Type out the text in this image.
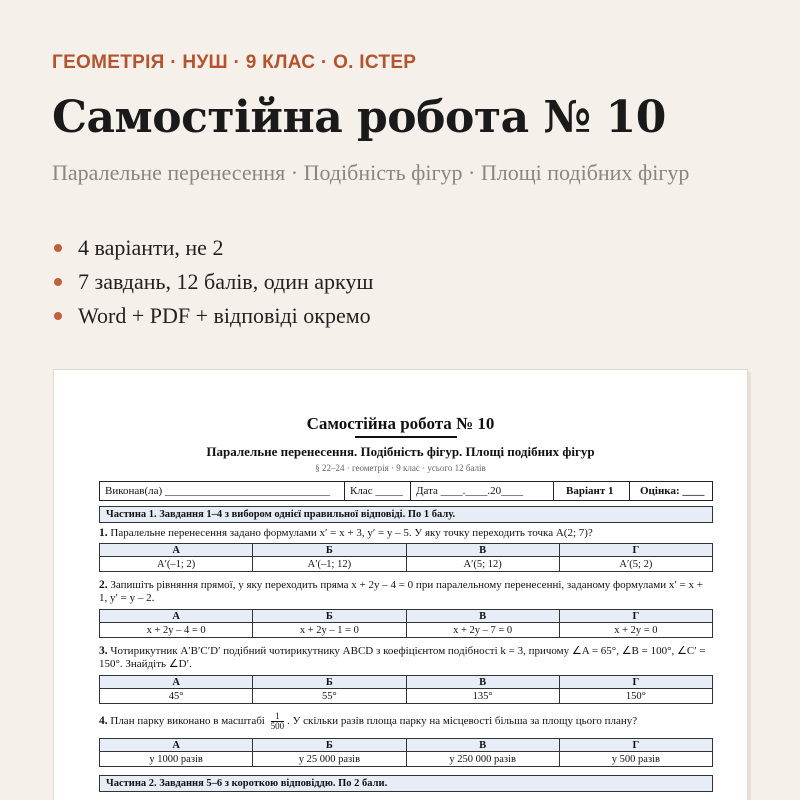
ГЕОМЕТРІЯ · НУШ · 9 КЛАС · О. ІСТЕР
Самостійна робота № 10
Паралельне перенесення · Подібність фігур · Площі подібних фігур
4 варіанти, не 2
7 завдань, 12 балів, один аркуш
Word + PDF + відповіді окремо
Самостійна робота № 10
Паралельне перенесення. Подібність фігур. Площі подібних фігур
§ 22–24 · геометрія · 9 клас · усього 12 балів
Виконав(ла) ______________________________	Клас _____	Дата ____.____.20____	Варіант 1	Оцінка: ____
Частина 1. Завдання 1–4 з вибором однієї правильної відповіді. По 1 балу.
1. Паралельне перенесення задано формулами x′ = x + 3, y′ = y – 5. У яку точку переходить точка A(2; 7)?
А	Б	В	Г
A′(–1; 2)	A′(–1; 12)	A′(5; 12)	A′(5; 2)
2. Запишіть рівняння прямої, у яку переходить пряма x + 2y – 4 = 0 при паралельному перенесенні, заданому формулами x′ = x + 1, y′ = y – 2.
А	Б	В	Г
x + 2y – 4 = 0	x + 2y – 1 = 0	x + 2y – 7 = 0	x + 2y = 0
3. Чотирикутник A′B′C′D′ подібний чотирикутнику ABCD з коефіцієнтом подібності k = 3, причому ∠A = 65°, ∠B = 100°, ∠C′ = 150°. Знайдіть ∠D′.
А	Б	В	Г
45°	55°	135°	150°
4. План парку виконано в масштабі $\frac{1}{500}$ . У скільки разів площа парку на місцевості більша за площу цього плану?
А	Б	В	Г
у 1000 разів	у 25 000 разів	у 250 000 разів	у 500 разів
Частина 2. Завдання 5–6 з короткою відповіддю. По 2 бали.
